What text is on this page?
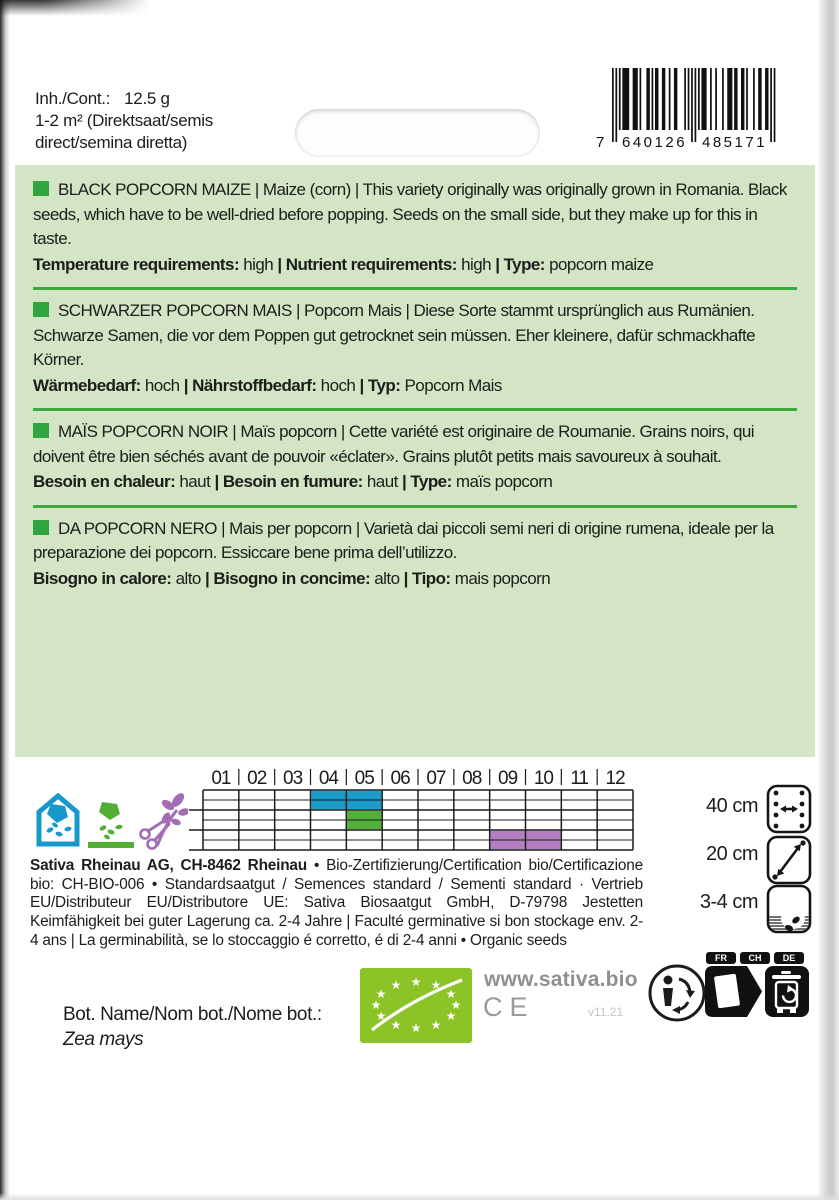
Inh./Cont.: 12.5 g
1-2 m² (Direktsaat/semis direct/semina diretta)	7 640126 485171

BLACK POPCORN MAIZE | Maize (corn) | This variety originally was originally grown in Romania. Black seeds, which have to be well-dried before popping. Seeds on the small side, but they make up for this in taste.

Temperature requirements: high | Nutrient requirements: high | Type: popcorn maize

SCHWARZER POPCORN MAIS | Popcorn Mais | Diese Sorte stammt ursprünglich aus Rumänien. Schwarze Samen, die vor dem Poppen gut getrocknet sein müssen. Eher kleinere, dafür schmackhafte Körner.

Wärmebedarf: hoch | Nährstoffbedarf: hoch | Typ: Popcorn Mais

MAÏS POPCORN NOIR | Maïs popcorn | Cette variété est originaire de Roumanie. Grains noirs, qui doivent être bien séchés avant de pouvoir «éclater». Grains plutôt petits mais savoureux à souhait.

Besoin en chaleur: haut | Besoin en fumure: haut | Type: maïs popcorn

DA POPCORN NERO | Mais per popcorn | Varietà dai piccoli semi neri di origine rumena, ideale per la preparazione dei popcorn. Essiccare bene prima dell’utilizzo.

Bisogno in calore: alto | Bisogno in concime: alto | Tipo: mais popcorn

01 02 03 04 05 06 07 08 09 10 11 12
40 cm
20 cm
3-4 cm
Sativa Rheinau AG, CH-8462 Rheinau • Bio-Zertifizierung/Certification bio/Certificazione bio: CH-BIO-006 • Standardsaatgut / Semences standard / Sementi standard · Vertrieb EU/Distributeur EU/Distributore UE: Sativa Biosaatgut GmbH, D-79798 Jestetten Keimfähigkeit bei guter Lagerung ca. 2-4 Jahre | Faculté germinative si bon stockage env. 2-4 ans | La germinabilità, se lo stoccaggio é corretto, é di 2-4 anni • Organic seeds
★
★
★
★
★
★
★
★
★ ★ ★
★
www.sativa.bio
CE	v11.21
FR CH DE
Bot. Name/Nom bot./Nome bot.:
Zea mays
